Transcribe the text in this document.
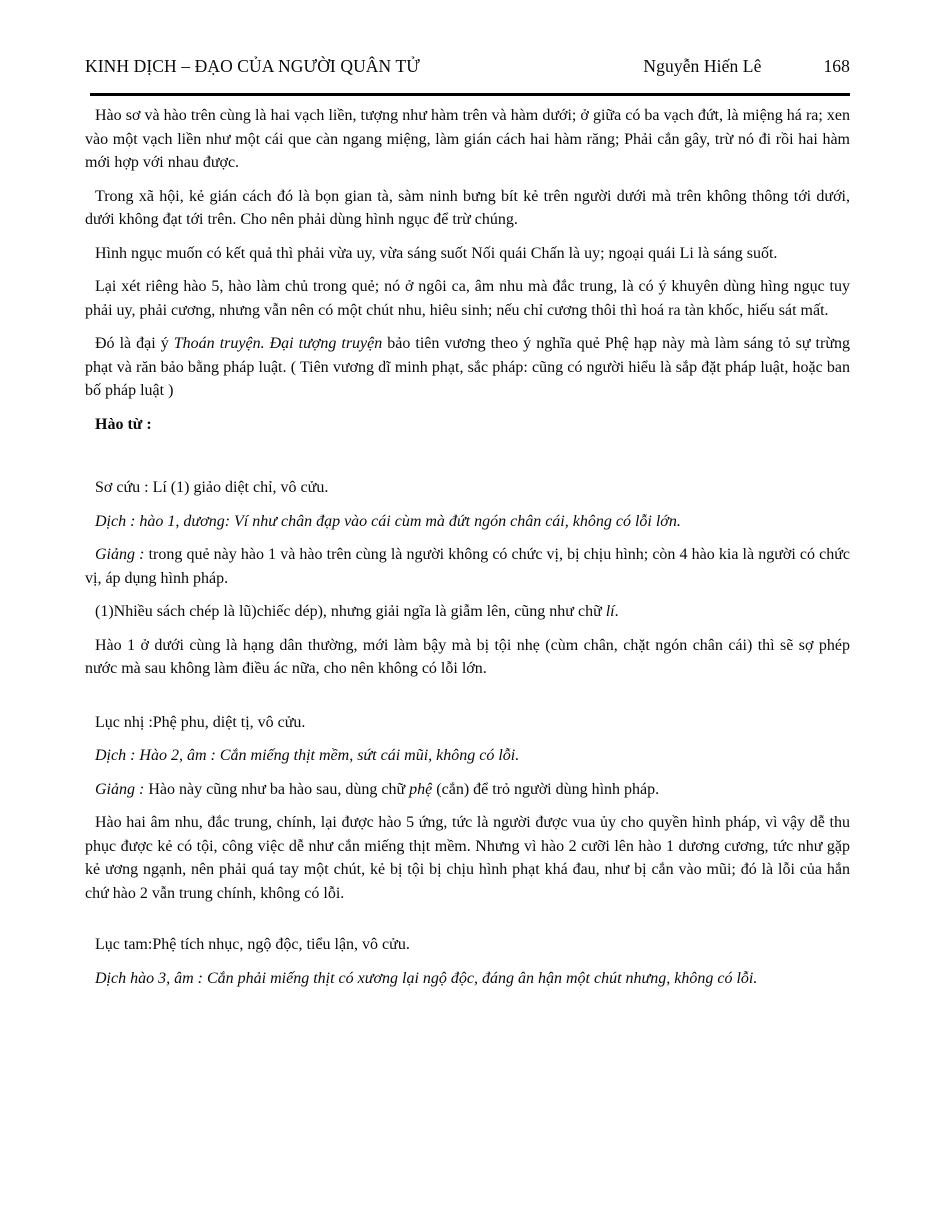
KINH DỊCH – ĐẠO CỦA NGƯỜI QUÂN TỬ	Nguyễn Hiến Lê	168

Hào sơ và hào trên cùng là hai vạch liền, tượng như hàm trên và hàm dưới; ở giữa có ba vạch đứt, là miệng há ra; xen vào một vạch liền như một cái que càn ngang miệng, làm gián cách hai hàm răng; Phải cắn gây, trừ nó đi rồi hai hàm mới hợp với nhau được.

Trong xã hội, kẻ gián cách đó là bọn gian tà, sàm ninh bưng bít kẻ trên người dưới mà trên không thông tới dưới, dưới không đạt tới trên. Cho nên phải dùng hình ngục để trừ chúng.

Hình ngục muốn có kết quả thì phải vừa uy, vừa sáng suốt Nối quái Chấn là uy; ngoại quái Li là sáng suốt.

Lại xét riêng hào 5, hào làm chủ trong quẻ; nó ở ngôi ca, âm nhu mà đắc trung, là có ý khuyên dùng hìng ngục tuy phải uy, phải cương, nhưng vẫn nên có một chút nhu, hiêu sinh; nếu chỉ cương thôi thì hoá ra tàn khốc, hiếu sát mất.

Đó là đại ý Thoán truyện. Đại tượng truyện bảo tiên vương theo ý nghĩa quẻ Phệ hạp này mà làm sáng tỏ sự trừng phạt và răn bảo bằng pháp luật. ( Tiên vương dĩ minh phạt, sắc pháp: cũng có người hiểu là sắp đặt pháp luật, hoặc ban bố pháp luật )

Hào từ :

Sơ cứu : Lí (1) giảo diệt chỉ, vô cửu.

Dịch : hào 1, dương: Ví như chân đạp vào cái cùm mà đứt ngón chân cái, không có lỗi lớn.

Giảng : trong quẻ này hào 1 và hào trên cùng là người không có chức vị, bị chịu hình; còn 4 hào kia là người có chức vị, áp dụng hình pháp.

(1)Nhiều sách chép là lũ)chiếc dép), nhưng giải ngĩa là giẫm lên, cũng như chữ lí.

Hào 1 ở dưới cùng là hạng dân thường, mới làm bậy mà bị tội nhẹ (cùm chân, chặt ngón chân cái) thì sẽ sợ phép nước mà sau không làm điều ác nữa, cho nên không có lỗi lớn.

Lục nhị :Phệ phu, diệt tị, vô cửu.

Dịch : Hào 2, âm : Cắn miếng thịt mềm, sứt cái mũi, không có lỗi.

Giảng : Hào này cũng như ba hào sau, dùng chữ phệ (cắn) để trỏ người dùng hình pháp.

Hào hai âm nhu, đắc trung, chính, lại được hào 5 ứng, tức là người được vua ủy cho quyền hình pháp, vì vậy dễ thu phục được kẻ có tội, công việc dễ như cắn miếng thịt mềm. Nhưng vì hào 2 cưỡi lên hào 1 dương cương, tức như gặp kẻ ương ngạnh, nên phải quá tay một chút, kẻ bị tội bị chịu hình phạt khá đau, như bị cắn vào mũi; đó là lỗi của hắn chứ hào 2 vẫn trung chính, không có lỗi.

Lục tam:Phệ tích nhục, ngộ độc, tiểu lận, vô cửu.

Dịch hào 3, âm : Cắn phải miếng thịt có xương lại ngộ độc, đáng ân hận một chút nhưng, không có lỗi.
